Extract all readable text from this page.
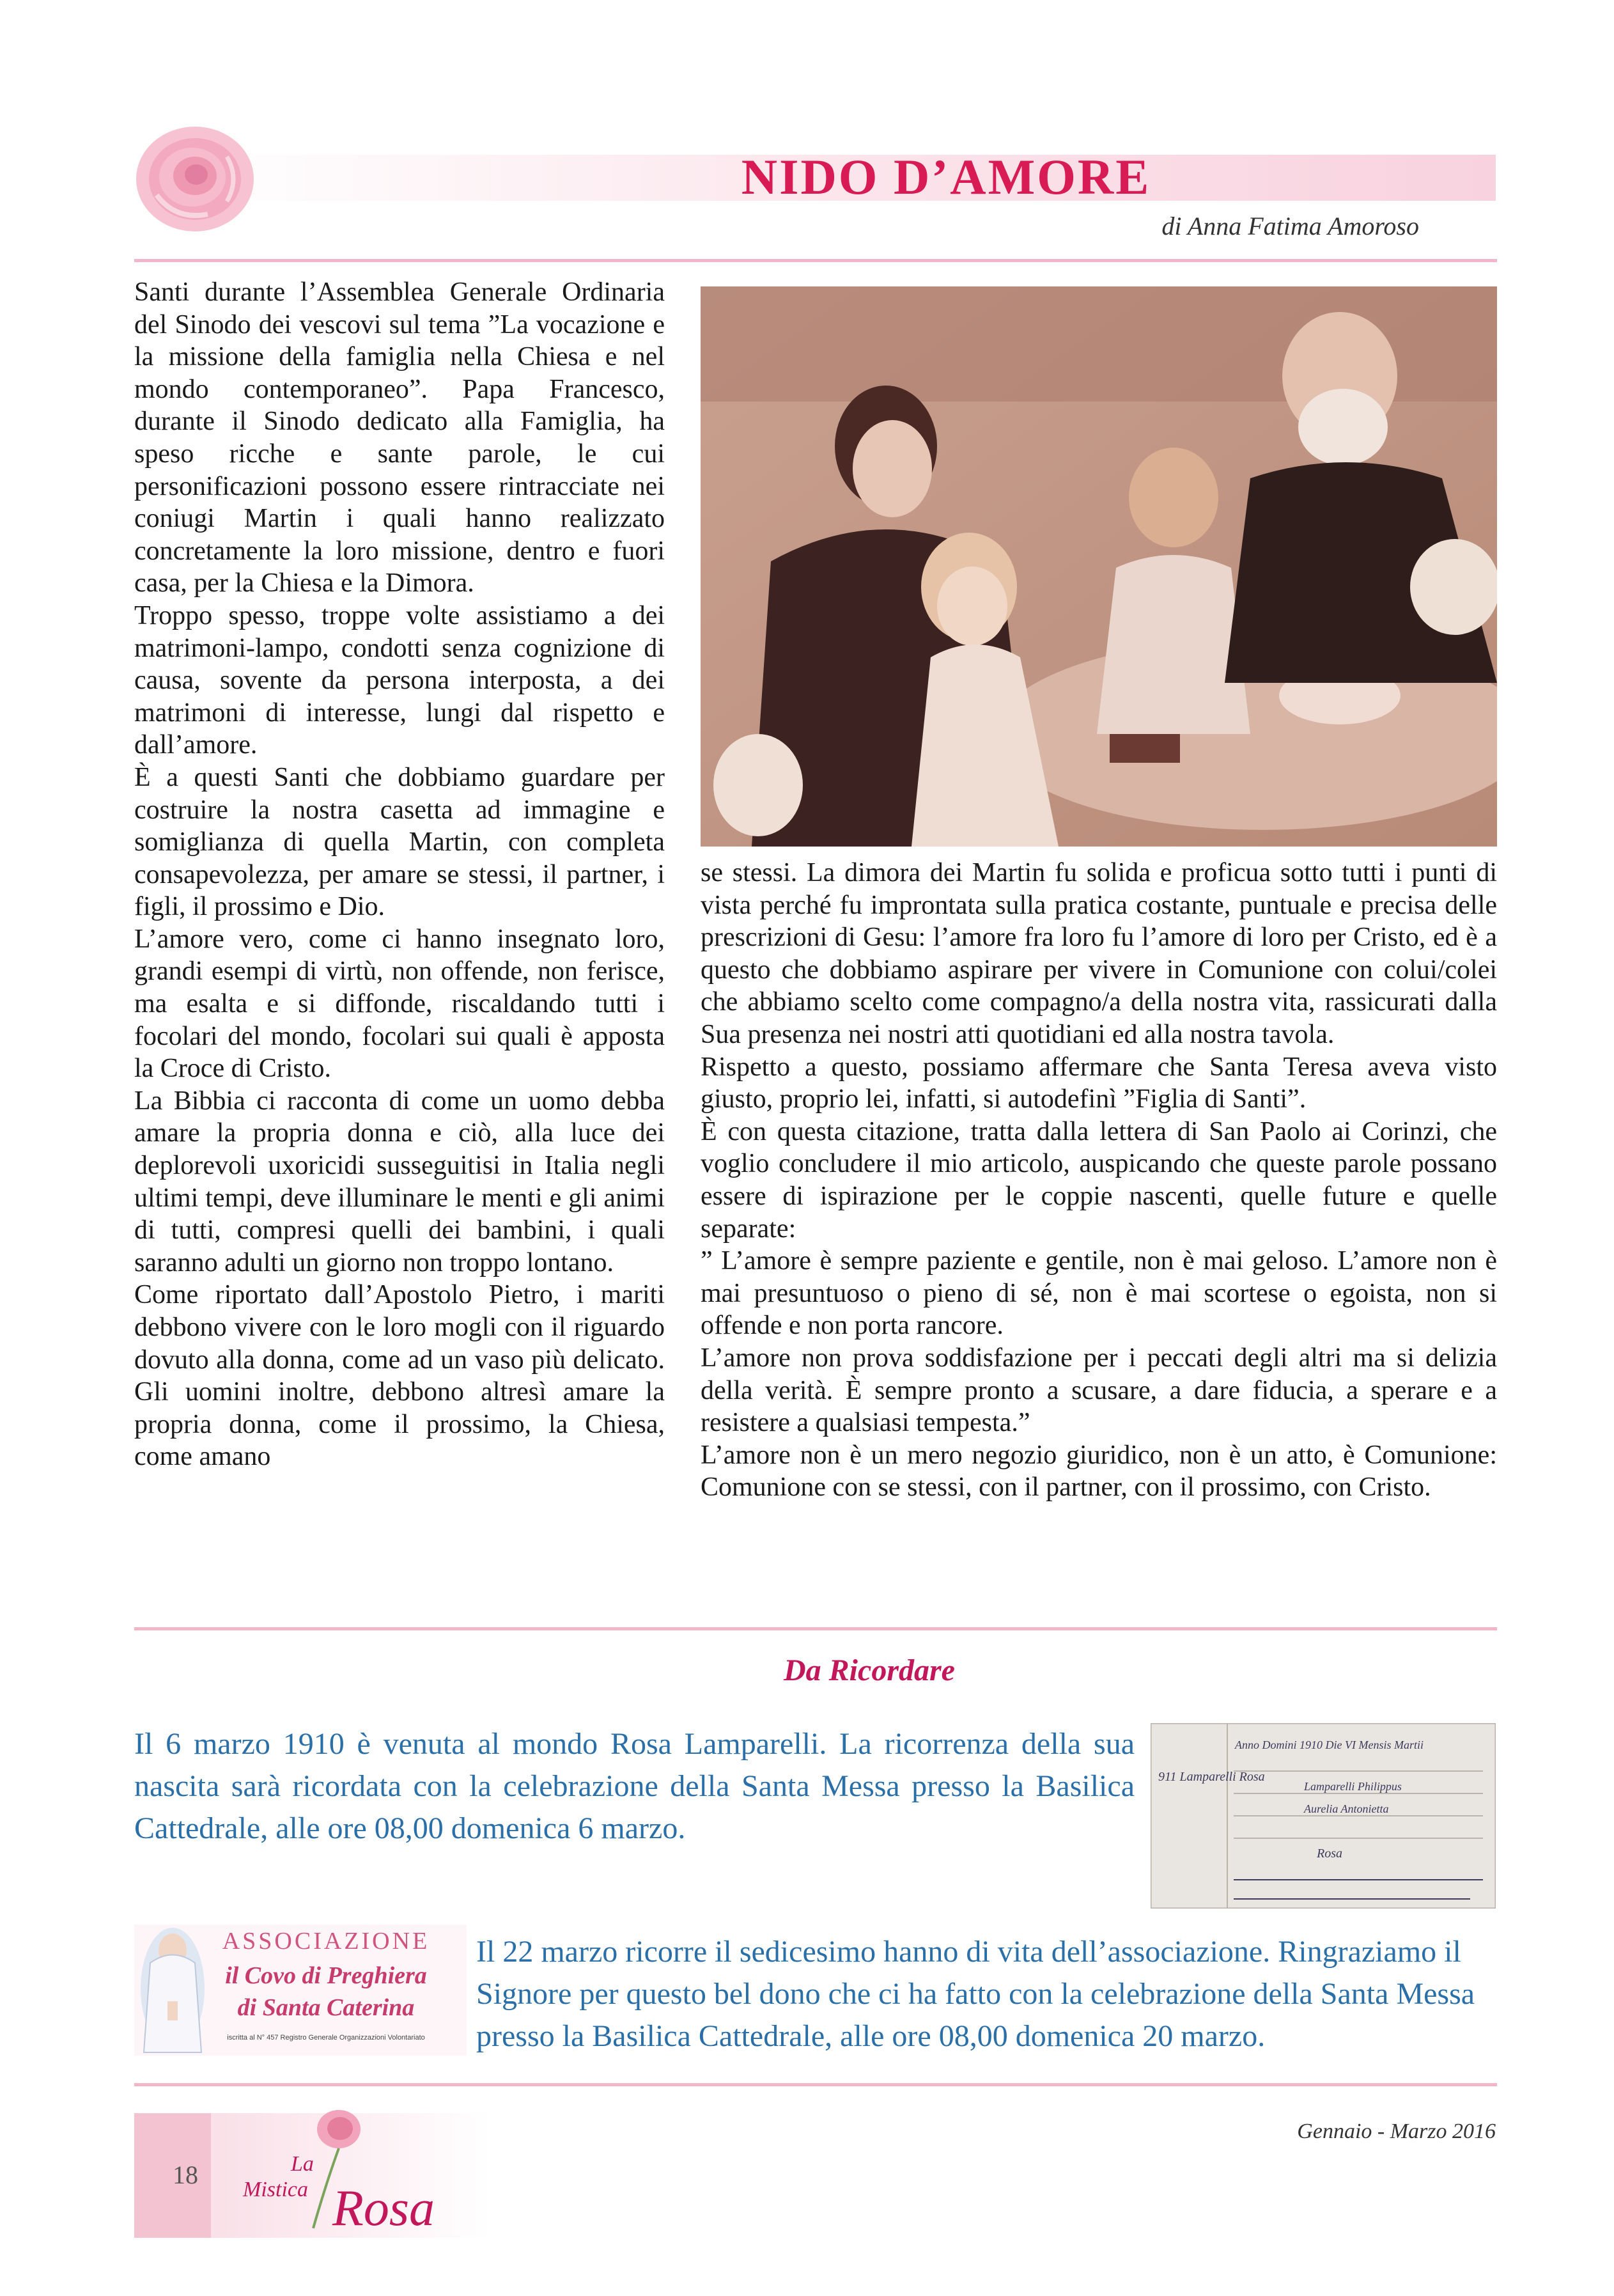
NIDO D’AMORE
di Anna Fatima Amoroso

Santi durante l’Assemblea Generale Ordinaria del Sinodo dei vescovi sul tema ”La vocazione e la missione della famiglia nella Chiesa e nel mondo contemporaneo”. Papa Francesco, durante il Sinodo dedicato alla Famiglia, ha speso ricche e sante parole, le cui personificazioni possono essere rintracciate nei coniugi Martin i quali hanno realizzato concretamente la loro missione, dentro e fuori casa, per la Chiesa e la Dimora.

Troppo spesso, troppe volte assistiamo a dei matrimoni-lampo, condotti senza cognizione di causa, sovente da persona interposta, a dei matrimoni di interesse, lungi dal rispetto e dall’amore.

È a questi Santi che dobbiamo guardare per costruire la nostra casetta ad immagine e somiglianza di quella Martin, con completa consapevolezza, per amare se stessi, il partner, i figli, il prossimo e Dio.

L’amore vero, come ci hanno insegnato loro, grandi esempi di virtù, non offende, non ferisce, ma esalta e si diffonde, riscaldando tutti i focolari del mondo, focolari sui quali è apposta la Croce di Cristo.

La Bibbia ci racconta di come un uomo debba amare la propria donna e ciò, alla luce dei deplorevoli uxoricidi susseguitisi in Italia negli ultimi tempi, deve illuminare le menti e gli animi di tutti, compresi quelli dei bambini, i quali saranno adulti un giorno non troppo lontano.

Come riportato dall’Apostolo Pietro, i mariti debbono vivere con le loro mogli con il riguardo dovuto alla donna, come ad un vaso più delicato. Gli uomini inoltre, debbono altresì amare la propria donna, come il prossimo, la Chiesa, come amano

se stessi. La dimora dei Martin fu solida e proficua sotto tutti i punti di vista perché fu improntata sulla pratica costante, puntuale e precisa delle prescrizioni di Gesu: l’amore fra loro fu l’amore di loro per Cristo, ed è a questo che dobbiamo aspirare per vivere in Comunione con colui/colei che abbiamo scelto come compagno/a della nostra vita, rassicurati dalla Sua presenza nei nostri atti quotidiani ed alla nostra tavola.

Rispetto a questo, possiamo affermare che Santa Teresa aveva visto giusto, proprio lei, infatti, si autodefinì ”Figlia di Santi”.

È con questa citazione, tratta dalla lettera di San Paolo ai Corinzi, che voglio concludere il mio articolo, auspicando che queste parole possano essere di ispirazione per le coppie nascenti, quelle future e quelle separate:

” L’amore è sempre paziente e gentile, non è mai geloso. L’amore non è mai presuntuoso o pieno di sé, non è mai scortese o egoista, non si offende e non porta rancore.

L’amore non prova soddisfazione per i peccati degli altri ma si delizia della verità. È sempre pronto a scusare, a dare fiducia, a sperare e a resistere a qualsiasi tempesta.”

L’amore non è un mero negozio giuridico, non è un atto, è Comunione: Comunione con se stessi, con il partner, con il prossimo, con Cristo.

Da Ricordare
Il 6 marzo 1910 è venuta al mondo Rosa Lamparelli. La ricorrenza della sua nascita sarà ricordata con la celebrazione della Santa Messa presso la Basilica Cattedrale, alle ore 08,00 domenica 6 marzo.
911 Lamparelli Rosa
Anno Domini 1910 Die VI Mensis Martii
Lamparelli Philippus
Aurelia Antonietta
Rosa
ASSOCIAZIONE
il Covo di Preghiera
di Santa Caterina
iscritta al N° 457 Registro Generale Organizzazioni Volontariato
Il 22 marzo ricorre il sedicesimo hanno di vita dell’associazione. Ringraziamo il Signore per questo bel dono che ci ha fatto con la celebrazione della Santa Messa presso la Basilica Cattedrale, alle ore 08,00 domenica 20 marzo.
La
Mistica Rosa
18
Gennaio - Marzo 2016
